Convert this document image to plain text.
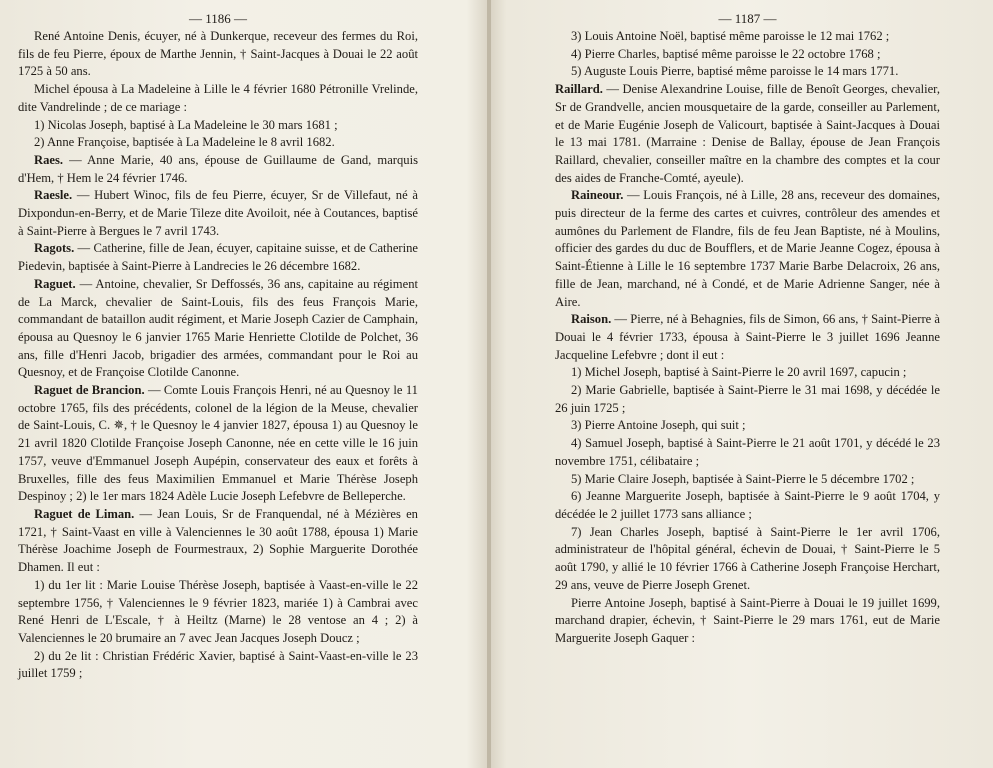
— 1186 —

René Antoine Denis, écuyer, né à Dunkerque, receveur des fermes du Roi, fils de feu Pierre, époux de Marthe Jennin, † Saint-Jacques à Douai le 22 août 1725 à 50 ans.

Michel épousa à La Madeleine à Lille le 4 février 1680 Pétronille Vrelinde, dite Vandrelinde ; de ce mariage :

1) Nicolas Joseph, baptisé à La Madeleine le 30 mars 1681 ;

2) Anne Françoise, baptisée à La Madeleine le 8 avril 1682.

Raes. — Anne Marie, 40 ans, épouse de Guillaume de Gand, marquis d'Hem, † Hem le 24 février 1746.

Raesle. — Hubert Winoc, fils de feu Pierre, écuyer, Sr de Villefaut, né à Dixpondun-en-Berry, et de Marie Tileze dite Avoiloit, née à Coutances, baptisé à Saint-Pierre à Bergues le 7 avril 1743.

Ragots. — Catherine, fille de Jean, écuyer, capitaine suisse, et de Catherine Piedevin, baptisée à Saint-Pierre à Landrecies le 26 décembre 1682.

Raguet. — Antoine, chevalier, Sr Deffossés, 36 ans, capitaine au régiment de La Marck, chevalier de Saint-Louis, fils des feus François Marie, commandant de bataillon audit régiment, et Marie Joseph Cazier de Camphain, épousa au Quesnoy le 6 janvier 1765 Marie Henriette Clotilde de Polchet, 36 ans, fille d'Henri Jacob, brigadier des armées, commandant pour le Roi au Quesnoy, et de Françoise Clotilde Canonne.

Raguet de Brancion. — Comte Louis François Henri, né au Quesnoy le 11 octobre 1765, fils des précédents, colonel de la légion de la Meuse, chevalier de Saint-Louis, C. ✵, † le Quesnoy le 4 janvier 1827, épousa 1) au Quesnoy le 21 avril 1820 Clotilde Françoise Joseph Canonne, née en cette ville le 16 juin 1757, veuve d'Emmanuel Joseph Aupépin, conservateur des eaux et forêts à Bruxelles, fille des feus Maximilien Emmanuel et Marie Thérèse Joseph Despinoy ; 2) le 1er mars 1824 Adèle Lucie Joseph Lefebvre de Belleperche.

Raguet de Liman. — Jean Louis, Sr de Franquendal, né à Mézières en 1721, † Saint-Vaast en ville à Valenciennes le 30 août 1788, épousa 1) Marie Thérèse Joachime Joseph de Fourmestraux, 2) Sophie Marguerite Dorothée Dhamen. Il eut :

1) du 1er lit : Marie Louise Thérèse Joseph, baptisée à Vaast-en-ville le 22 septembre 1756, † Valenciennes le 9 février 1823, mariée 1) à Cambrai avec René Henri de L'Escale, † à Heiltz (Marne) le 28 ventose an 4 ; 2) à Valenciennes le 20 brumaire an 7 avec Jean Jacques Joseph Doucz ;

2) du 2e lit : Christian Frédéric Xavier, baptisé à Saint-Vaast-en-ville le 23 juillet 1759 ;

— 1187 —

3) Louis Antoine Noël, baptisé même paroisse le 12 mai 1762 ;

4) Pierre Charles, baptisé même paroisse le 22 octobre 1768 ;

5) Auguste Louis Pierre, baptisé même paroisse le 14 mars 1771.

Raillard. — Denise Alexandrine Louise, fille de Benoît Georges, chevalier, Sr de Grandvelle, ancien mousquetaire de la garde, conseiller au Parlement, et de Marie Eugénie Joseph de Valicourt, baptisée à Saint-Jacques à Douai le 13 mai 1781. (Marraine : Denise de Ballay, épouse de Jean François Raillard, chevalier, conseiller maître en la chambre des comptes et la cour des aides de Franche-Comté, ayeule).

Raineour. — Louis François, né à Lille, 28 ans, receveur des domaines, puis directeur de la ferme des cartes et cuivres, contrôleur des amendes et aumônes du Parlement de Flandre, fils de feu Jean Baptiste, né à Moulins, officier des gardes du duc de Boufflers, et de Marie Jeanne Cogez, épousa à Saint-Étienne à Lille le 16 septembre 1737 Marie Barbe Delacroix, 26 ans, fille de Jean, marchand, né à Condé, et de Marie Adrienne Sanger, née à Aire.

Raison. — Pierre, né à Behagnies, fils de Simon, 66 ans, † Saint-Pierre à Douai le 4 février 1733, épousa à Saint-Pierre le 3 juillet 1696 Jeanne Jacqueline Lefebvre ; dont il eut :

1) Michel Joseph, baptisé à Saint-Pierre le 20 avril 1697, capucin ;

2) Marie Gabrielle, baptisée à Saint-Pierre le 31 mai 1698, y décédée le 26 juin 1725 ;

3) Pierre Antoine Joseph, qui suit ;

4) Samuel Joseph, baptisé à Saint-Pierre le 21 août 1701, y décédé le 23 novembre 1751, célibataire ;

5) Marie Claire Joseph, baptisée à Saint-Pierre le 5 décembre 1702 ;

6) Jeanne Marguerite Joseph, baptisée à Saint-Pierre le 9 août 1704, y décédée le 2 juillet 1773 sans alliance ;

7) Jean Charles Joseph, baptisé à Saint-Pierre le 1er avril 1706, administrateur de l'hôpital général, échevin de Douai, † Saint-Pierre le 5 août 1790, y allié le 10 février 1766 à Catherine Joseph Françoise Herchart, 29 ans, veuve de Pierre Joseph Grenet.

Pierre Antoine Joseph, baptisé à Saint-Pierre à Douai le 19 juillet 1699, marchand drapier, échevin, † Saint-Pierre le 29 mars 1761, eut de Marie Marguerite Joseph Gaquer :
